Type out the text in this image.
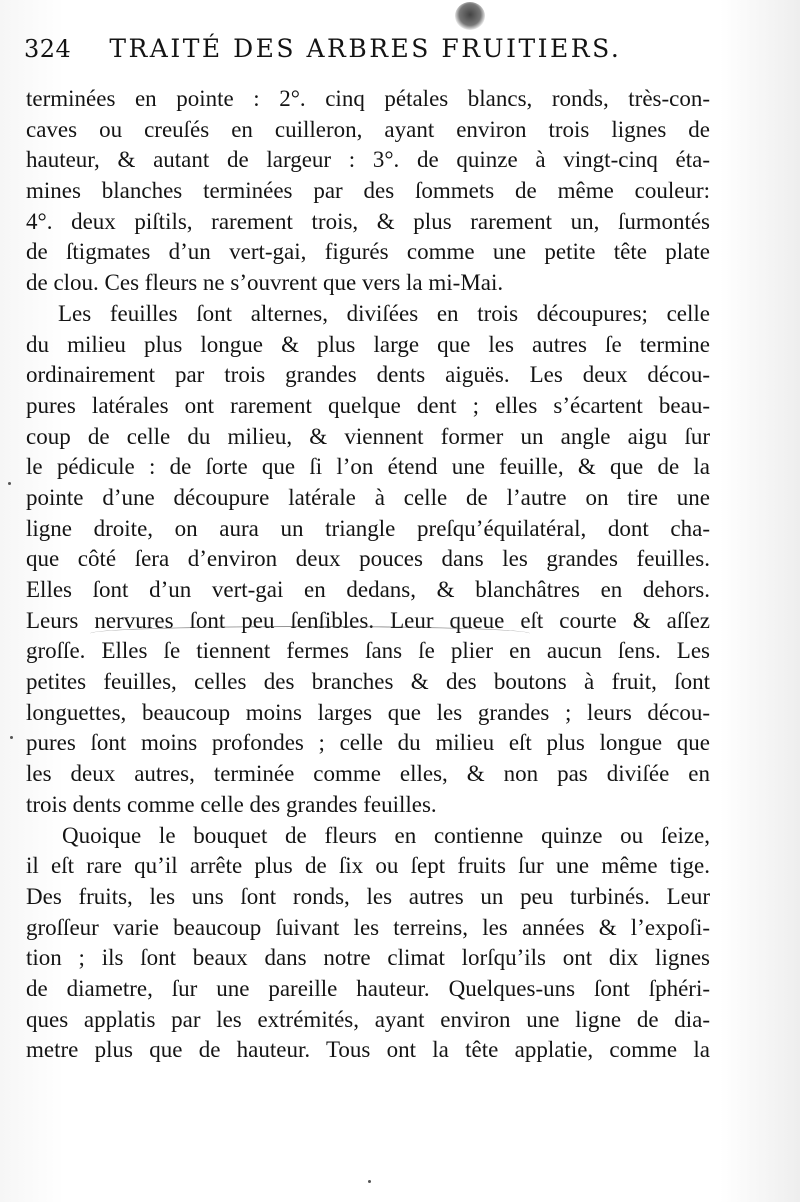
324 TRAITÉ DES ARBRES FRUITIERS.
terminées en pointe : 2°. cinq pétales blancs, ronds, très-con-
caves ou creuſés en cuilleron, ayant environ trois lignes de
hauteur, & autant de largeur : 3°. de quinze à vingt-cinq éta-
mines blanches terminées par des ſommets de même couleur:
4°. deux piſtils, rarement trois, & plus rarement un, ſurmontés
de ſtigmates d’un vert-gai, figurés comme une petite tête plate
de clou. Ces fleurs ne s’ouvrent que vers la mi-Mai.
Les feuilles ſont alternes, diviſées en trois découpures; celle
du milieu plus longue & plus large que les autres ſe termine
ordinairement par trois grandes dents aiguës. Les deux décou-
pures latérales ont rarement quelque dent ; elles s’écartent beau-
coup de celle du milieu, & viennent former un angle aigu ſur
le pédicule : de ſorte que ſi l’on étend une feuille, & que de la
pointe d’une découpure latérale à celle de l’autre on tire une
ligne droite, on aura un triangle preſqu’équilatéral, dont cha-
que côté ſera d’environ deux pouces dans les grandes feuilles.
Elles ſont d’un vert-gai en dedans, & blanchâtres en dehors.
Leurs nervures ſont peu ſenſibles. Leur queue eſt courte & aſſez
groſſe. Elles ſe tiennent fermes ſans ſe plier en aucun ſens. Les
petites feuilles, celles des branches & des boutons à fruit, ſont
longuettes, beaucoup moins larges que les grandes ; leurs décou-
pures ſont moins profondes ; celle du milieu eſt plus longue que
les deux autres, terminée comme elles, & non pas diviſée en
trois dents comme celle des grandes feuilles.
Quoique le bouquet de fleurs en contienne quinze ou ſeize,
il eſt rare qu’il arrête plus de ſix ou ſept fruits ſur une même tige.
Des fruits, les uns ſont ronds, les autres un peu turbinés. Leur
groſſeur varie beaucoup ſuivant les terreins, les années & l’expoſi-
tion ; ils ſont beaux dans notre climat lorſqu’ils ont dix lignes
de diametre, ſur une pareille hauteur. Quelques-uns ſont ſphéri-
ques applatis par les extrémités, ayant environ une ligne de dia-
metre plus que de hauteur. Tous ont la tête applatie, comme la
